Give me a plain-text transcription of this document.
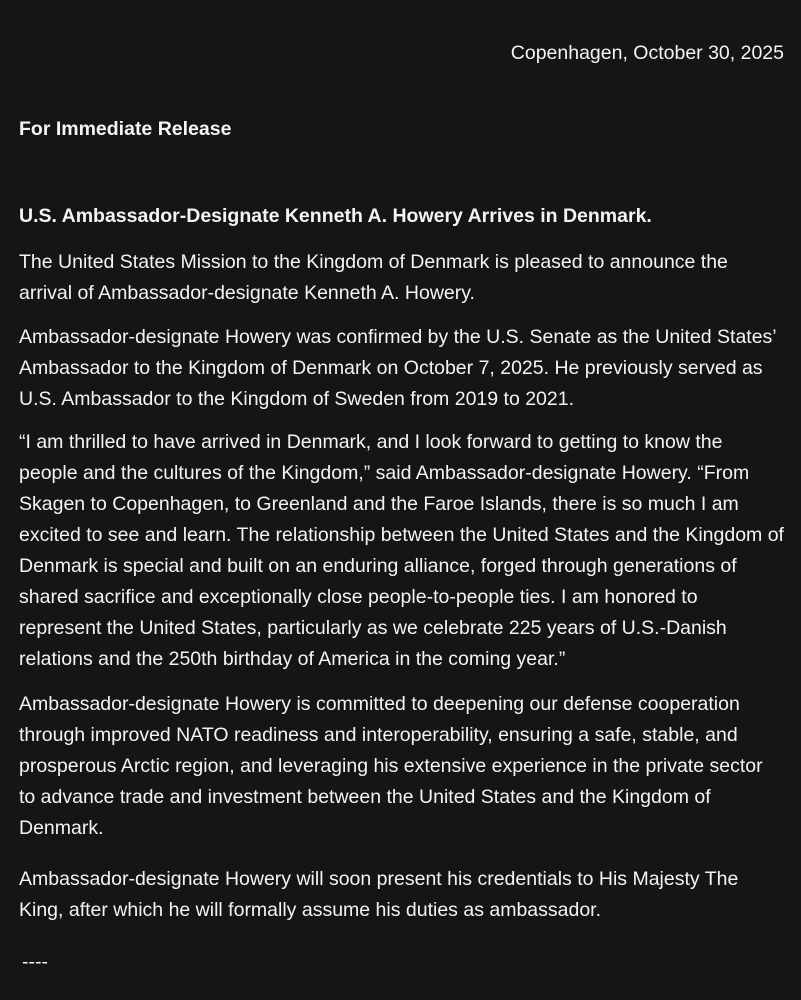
Copenhagen, October 30, 2025
For Immediate Release
U.S. Ambassador-Designate Kenneth A. Howery Arrives in Denmark.

The United States Mission to the Kingdom of Denmark is pleased to announce the arrival of Ambassador-designate Kenneth A. Howery.

Ambassador-designate Howery was confirmed by the U.S. Senate as the United States’ Ambassador to the Kingdom of Denmark on October 7, 2025. He previously served as U.S. Ambassador to the Kingdom of Sweden from 2019 to 2021.

“I am thrilled to have arrived in Denmark, and I look forward to getting to know the people and the cultures of the Kingdom,” said Ambassador-designate Howery. “From Skagen to Copenhagen, to Greenland and the Faroe Islands, there is so much I am excited to see and learn. The relationship between the United States and the Kingdom of Denmark is special and built on an enduring alliance, forged through generations of shared sacrifice and exceptionally close people-to-people ties. I am honored to represent the United States, particularly as we celebrate 225 years of U.S.-Danish relations and the 250th birthday of America in the coming year.”

Ambassador-designate Howery is committed to deepening our defense cooperation through improved NATO readiness and interoperability, ensuring a safe, stable, and prosperous Arctic region, and leveraging his extensive experience in the private sector to advance trade and investment between the United States and the Kingdom of Denmark.

Ambassador-designate Howery will soon present his credentials to His Majesty The King, after which he will formally assume his duties as ambassador.

----
